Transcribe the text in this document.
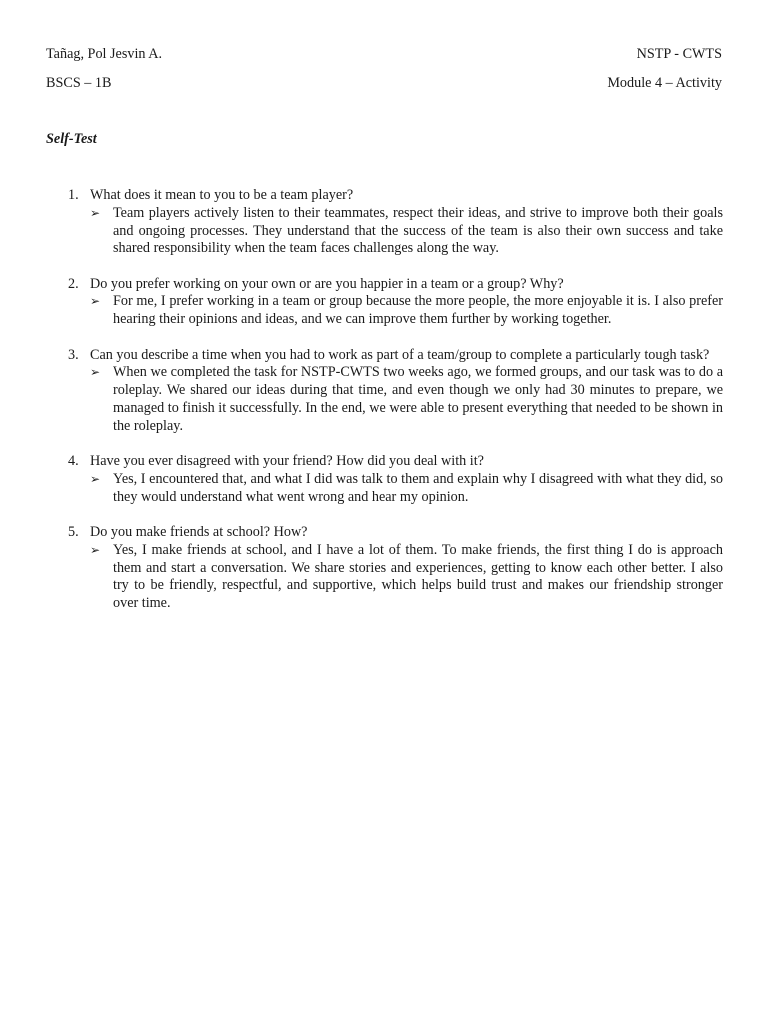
Tañag, Pol Jesvin A.	NSTP - CWTS
BSCS – 1B	Module 4 – Activity
Self-Test
1. What does it mean to you to be a team player?
➢ Team players actively listen to their teammates, respect their ideas, and strive to improve both their goals and ongoing processes. They understand that the success of the team is also their own success and take shared responsibility when the team faces challenges along the way.
2. Do you prefer working on your own or are you happier in a team or a group? Why?
➢ For me, I prefer working in a team or group because the more people, the more enjoyable it is. I also prefer hearing their opinions and ideas, and we can improve them further by working together.
3. Can you describe a time when you had to work as part of a team/group to complete a particularly tough task?
➢ When we completed the task for NSTP-CWTS two weeks ago, we formed groups, and our task was to do a roleplay. We shared our ideas during that time, and even though we only had 30 minutes to prepare, we managed to finish it successfully. In the end, we were able to present everything that needed to be shown in the roleplay.
4. Have you ever disagreed with your friend? How did you deal with it?
➢ Yes, I encountered that, and what I did was talk to them and explain why I disagreed with what they did, so they would understand what went wrong and hear my opinion.
5. Do you make friends at school? How?
➢ Yes, I make friends at school, and I have a lot of them. To make friends, the first thing I do is approach them and start a conversation. We share stories and experiences, getting to know each other better. I also try to be friendly, respectful, and supportive, which helps build trust and makes our friendship stronger over time.
